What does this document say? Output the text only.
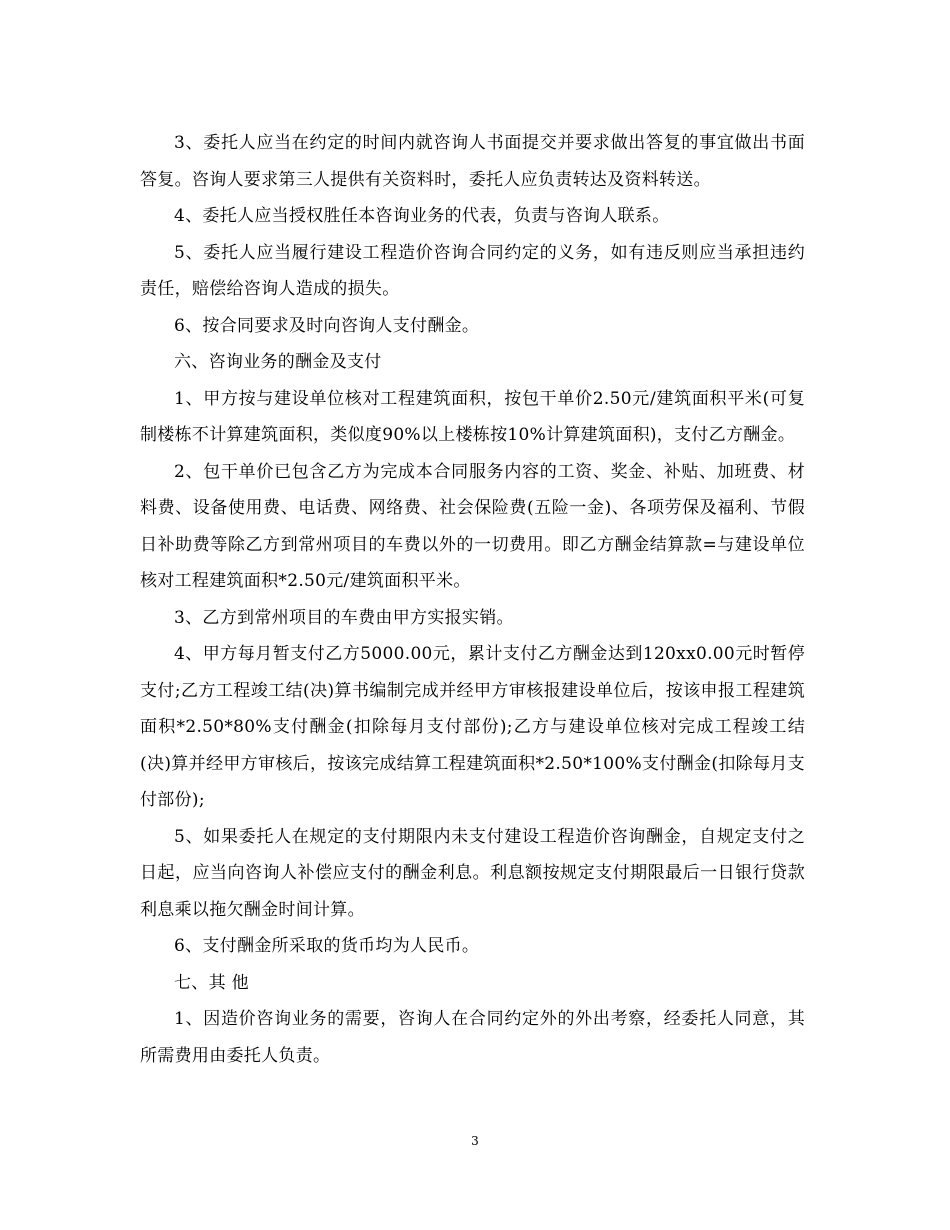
3、委托人应当在约定的时间内就咨询人书面提交并要求做出答复的事宜做出书面答复。咨询人要求第三人提供有关资料时，委托人应负责转达及资料转送。

4、委托人应当授权胜任本咨询业务的代表，负责与咨询人联系。

5、委托人应当履行建设工程造价咨询合同约定的义务，如有违反则应当承担违约责任，赔偿给咨询人造成的损失。

6、按合同要求及时向咨询人支付酬金。

六、咨询业务的酬金及支付

1、甲方按与建设单位核对工程建筑面积，按包干单价2.50元/建筑面积平米(可复制楼栋不计算建筑面积，类似度90%以上楼栋按10%计算建筑面积)，支付乙方酬金。

2、包干单价已包含乙方为完成本合同服务内容的工资、奖金、补贴、加班费、材料费、设备使用费、电话费、网络费、社会保险费(五险一金)、各项劳保及福利、节假日补助费等除乙方到常州项目的车费以外的一切费用。即乙方酬金结算款=与建设单位核对工程建筑面积*2.50元/建筑面积平米。

3、乙方到常州项目的车费由甲方实报实销。

4、甲方每月暂支付乙方5000.00元，累计支付乙方酬金达到120xx0.00元时暂停支付;乙方工程竣工结(决)算书编制完成并经甲方审核报建设单位后，按该申报工程建筑面积*2.50*80%支付酬金(扣除每月支付部份);乙方与建设单位核对完成工程竣工结(决)算并经甲方审核后，按该完成结算工程建筑面积*2.50*100%支付酬金(扣除每月支付部份);

5、如果委托人在规定的支付期限内未支付建设工程造价咨询酬金，自规定支付之日起，应当向咨询人补偿应支付的酬金利息。利息额按规定支付期限最后一日银行贷款利息乘以拖欠酬金时间计算。

6、支付酬金所采取的货币均为人民币。

七、其 他

1、因造价咨询业务的需要，咨询人在合同约定外的外出考察，经委托人同意，其所需费用由委托人负责。

3
